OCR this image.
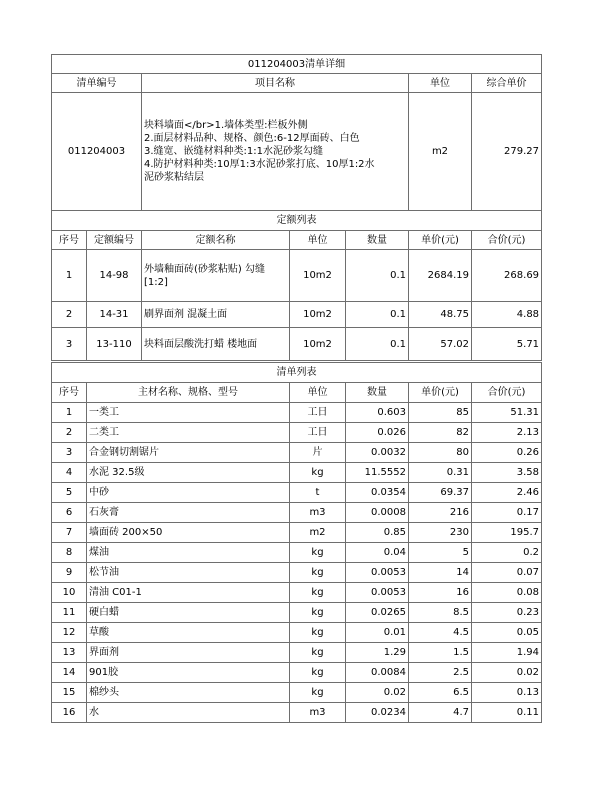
011204003清单详细			
清单编号	项目名称	单位	综合单价
011204003	块料墙面</br>1.墙体类型:栏板外侧
2.面层材料品种、规格、颜色:6-12厚面砖、白色
3.缝宽、嵌缝材料种类:1:1水泥砂浆勾缝
4.防护材料种类:10厚1:3水泥砂浆打底、10厚1:2水
泥砂浆粘结层	m2	279.27
定额列表						
序号	定额编号	定额名称	单位	数量	单价(元)	合价(元)
1	14-98	外墙釉面砖(砂浆粘贴) 勾缝
[1:2]	10m2	0.1	2684.19	268.69
2	14-31	刷界面剂 混凝土面	10m2	0.1	48.75	4.88
3	13-110	块料面层酸洗打蜡 楼地面	10m2	0.1	57.02	5.71
清单列表					
序号	主材名称、规格、型号	单位	数量	单价(元)	合价(元)
1	一类工	工日	0.603	85	51.31
2	二类工	工日	0.026	82	2.13
3	合金钢切割锯片	片	0.0032	80	0.26
4	水泥 32.5级	kg	11.5552	0.31	3.58
5	中砂	t	0.0354	69.37	2.46
6	石灰膏	m3	0.0008	216	0.17
7	墙面砖 200×50	m2	0.85	230	195.7
8	煤油	kg	0.04	5	0.2
9	松节油	kg	0.0053	14	0.07
10	清油 C01-1	kg	0.0053	16	0.08
11	硬白蜡	kg	0.0265	8.5	0.23
12	草酸	kg	0.01	4.5	0.05
13	界面剂	kg	1.29	1.5	1.94
14	901胶	kg	0.0084	2.5	0.02
15	棉纱头	kg	0.02	6.5	0.13
16	水	m3	0.0234	4.7	0.11
